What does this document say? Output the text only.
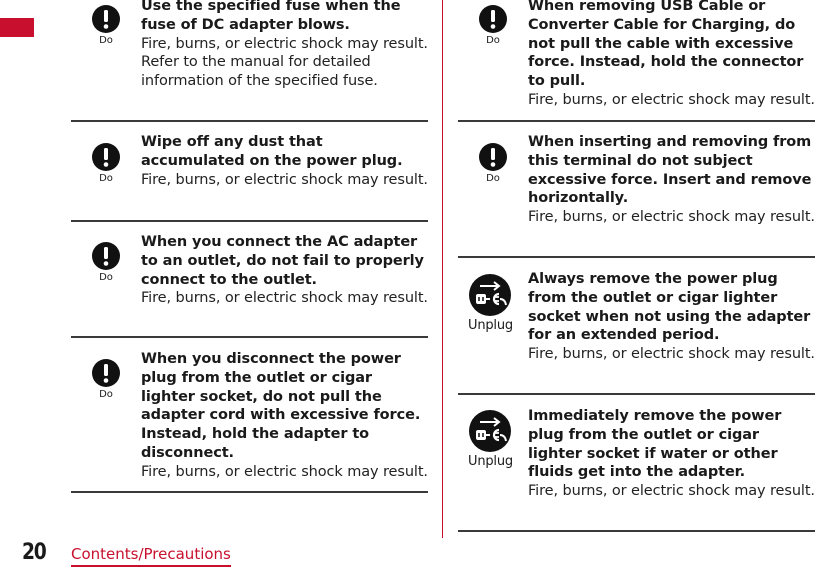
Do

Use the specified fuse when the fuse of DC adapter blows.

Fire, burns, or electric shock may result. Refer to the manual for detailed information of the specified fuse.

Do

Wipe off any dust that accumulated on the power plug.

Fire, burns, or electric shock may result.

Do

When you connect the AC adapter to an outlet, do not fail to properly connect to the outlet.

Fire, burns, or electric shock may result.

Do

When you disconnect the power plug from the outlet or cigar lighter socket, do not pull the adapter cord with excessive force. Instead, hold the adapter to disconnect.

Fire, burns, or electric shock may result.

Do

When removing USB Cable or Converter Cable for Charging, do not pull the cable with excessive force. Instead, hold the connector to pull.

Fire, burns, or electric shock may result.

Do

When inserting and removing from this terminal do not subject excessive force. Insert and remove horizontally.

Fire, burns, or electric shock may result.

Unplug

Always remove the power plug from the outlet or cigar lighter socket when not using the adapter for an extended period.

Fire, burns, or electric shock may result.

Unplug

Immediately remove the power plug from the outlet or cigar lighter socket if water or other fluids get into the adapter.

Fire, burns, or electric shock may result.

20 Contents/Precautions
